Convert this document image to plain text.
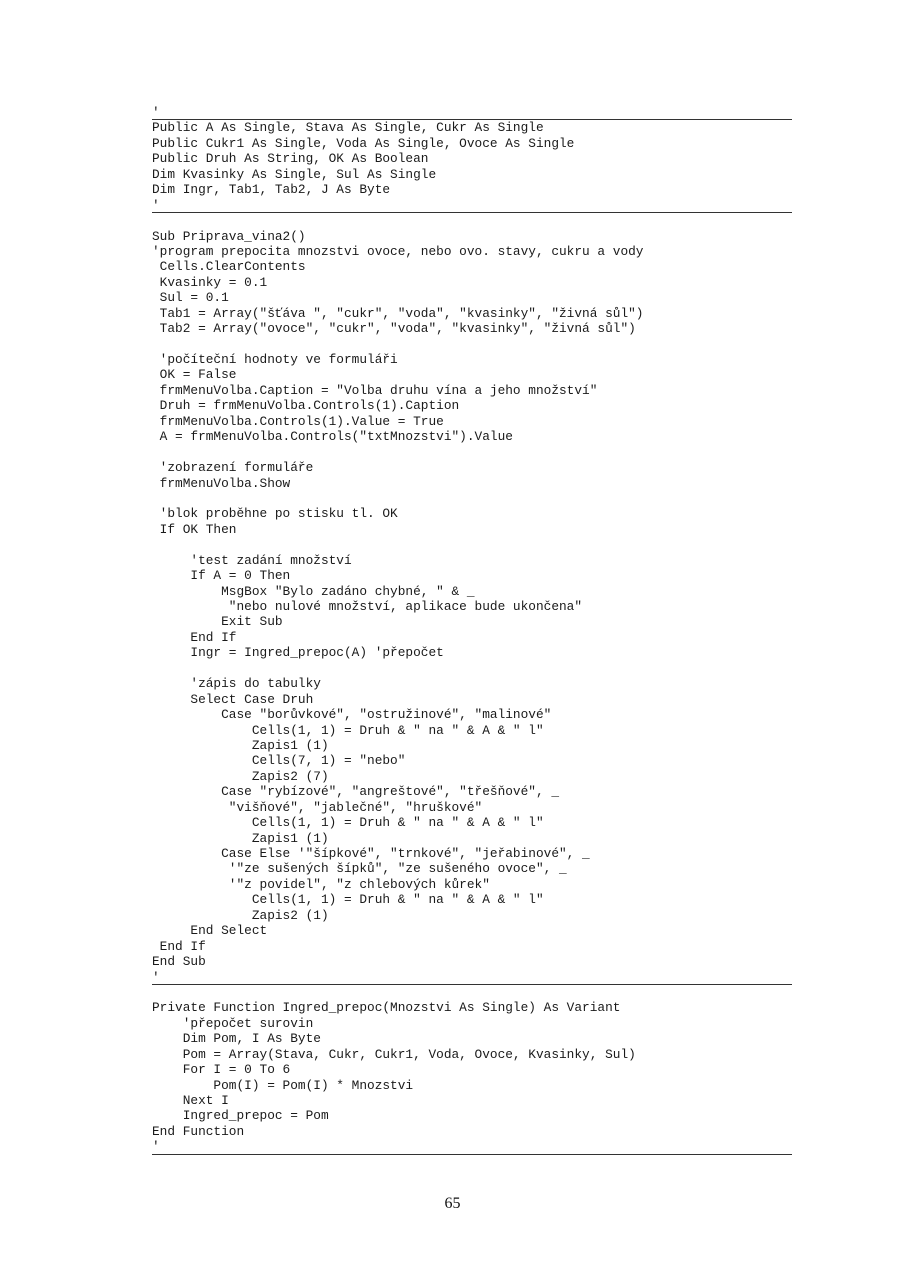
'
Public A As Single, Stava As Single, Cukr As Single
Public Cukr1 As Single, Voda As Single, Ovoce As Single
Public Druh As String, OK As Boolean
Dim Kvasinky As Single, Sul As Single
Dim Ingr, Tab1, Tab2, J As Byte
'
Sub Priprava_vina2()
'program prepocita mnozstvi ovoce, nebo ovo. stavy, cukru a vody
Cells.ClearContents
Kvasinky = 0.1
Sul = 0.1
Tab1 = Array("šťáva ", "cukr", "voda", "kvasinky", "živná sůl")
Tab2 = Array("ovoce", "cukr", "voda", "kvasinky", "živná sůl")
'počíteční hodnoty ve formuláři
OK = False
frmMenuVolba.Caption = "Volba druhu vína a jeho množství"
Druh = frmMenuVolba.Controls(1).Caption
frmMenuVolba.Controls(1).Value = True
A = frmMenuVolba.Controls("txtMnozstvi").Value
'zobrazení formuláře
frmMenuVolba.Show
'blok proběhne po stisku tl. OK
If OK Then
'test zadání množství
If A = 0 Then
MsgBox "Bylo zadáno chybné, " & _
"nebo nulové množství, aplikace bude ukončena"
Exit Sub
End If
Ingr = Ingred_prepoc(A) 'přepočet
'zápis do tabulky
Select Case Druh
Case "borůvkové", "ostružinové", "malinové"
Cells(1, 1) = Druh & " na " & A & " l"
Zapis1 (1)
Cells(7, 1) = "nebo"
Zapis2 (7)
Case "rybízové", "angreštové", "třešňové", _
"višňové", "jablečné", "hruškové"
Cells(1, 1) = Druh & " na " & A & " l"
Zapis1 (1)
Case Else '"šípkové", "trnkové", "jeřabinové", _
'"ze sušených šípků", "ze sušeného ovoce", _
'"z povidel", "z chlebových kůrek"
Cells(1, 1) = Druh & " na " & A & " l"
Zapis2 (1)
End Select
End If
End Sub
'
Private Function Ingred_prepoc(Mnozstvi As Single) As Variant
'přepočet surovin
Dim Pom, I As Byte
Pom = Array(Stava, Cukr, Cukr1, Voda, Ovoce, Kvasinky, Sul)
For I = 0 To 6
Pom(I) = Pom(I) * Mnozstvi
Next I
Ingred_prepoc = Pom
End Function
'
65
